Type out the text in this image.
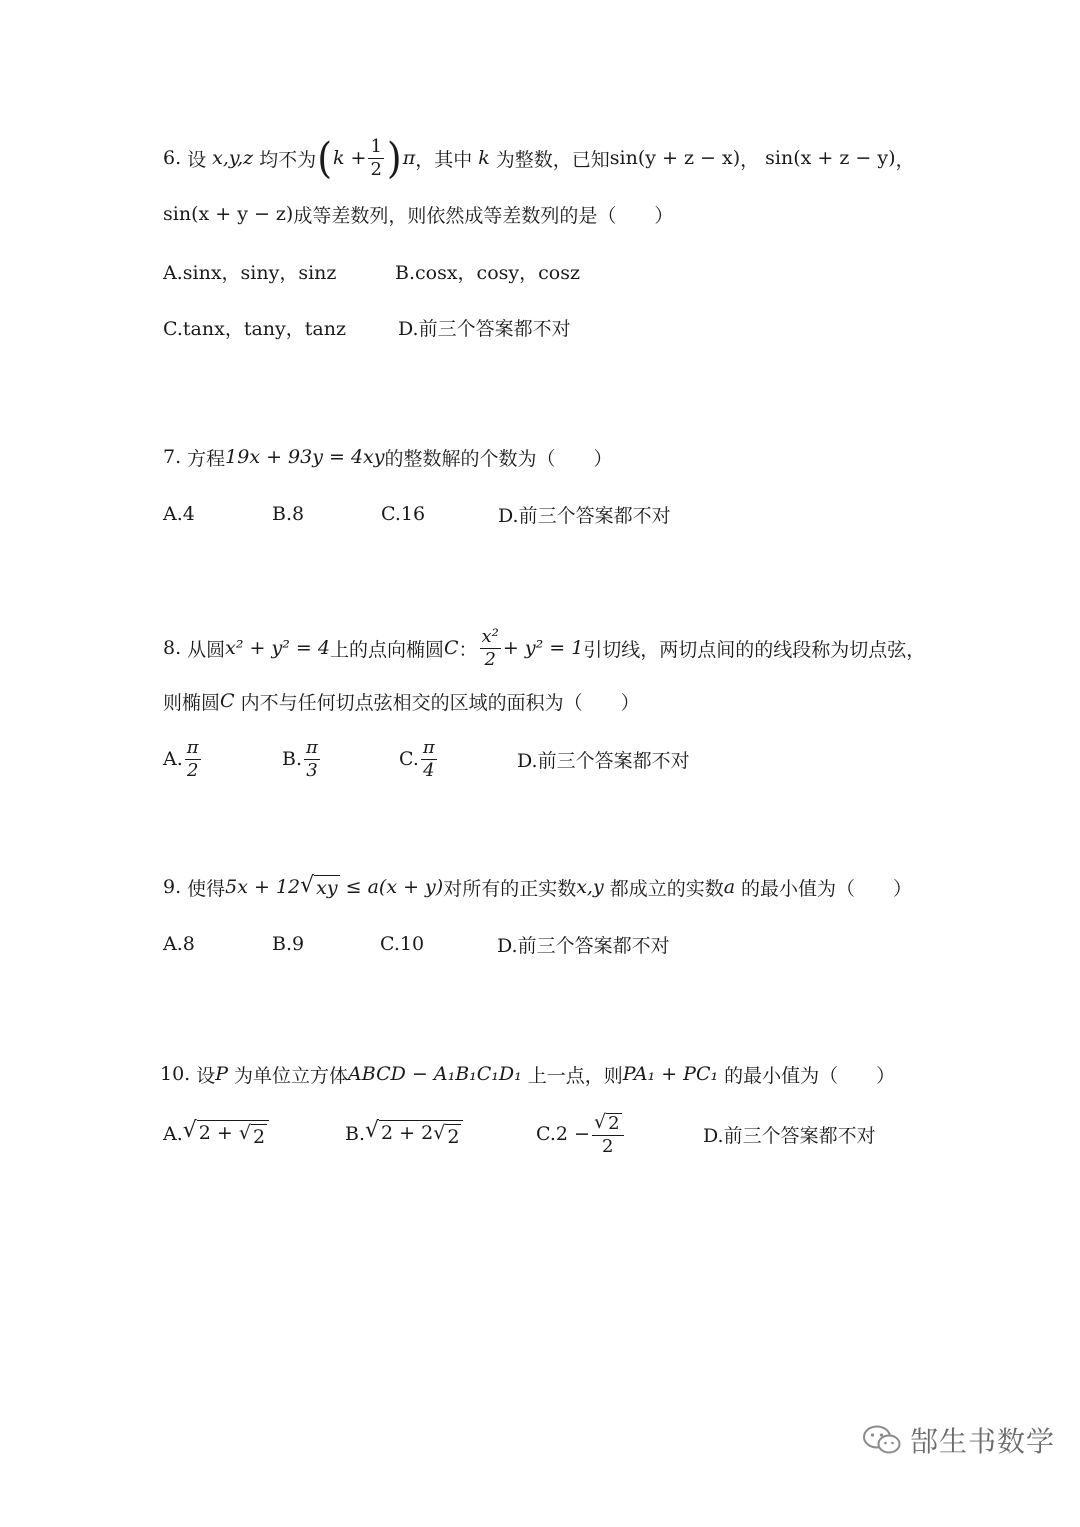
6. 设 x,y,z 均不为 ( $k + \frac{1}{2}$ ) π ，其中 k 为整数，已知 sin(y + z − x) ， sin(x + z − y) ，
sin(x + y − z) 成等差数列，则依然成等差数列的是（　　）
A.sinx，siny，sinz	B.cosx，cosy，cosz
C.tanx，tany，tanz	D.前三个答案都不对
7. 方程 19x + 93y = 4xy 的整数解的个数为（　　）
A.4	B.8	C.16	D.前三个答案都不对
8. 从圆 x² + y² = 4 上的点向椭圆 C ： $\frac{\text{x²}}{2} + y^2 = 1$ 引切线，两切点间的的线段称为切点弦，
则椭圆 C 内不与任何切点弦相交的区域的面积为（　　）
A. $\frac{\pi}{2}$	B. $\frac{\pi}{3}$	C. $\frac{\pi}{4}$	D.前三个答案都不对
9. 使得 5x + 12 √ xy ≤ a(x + y) 对所有的正实数 x,y 都成立的实数 a 的最小值为（　　）
A.8	B.9	C.10	D.前三个答案都不对
10. 设 P 为单位立方体 ABCD − A₁B₁C₁D₁ 上一点，则 PA₁ + PC₁ 的最小值为（　　）
A. √ 2 + √ 2	B. √ 2 + 2 √ 2	$C.2 - \frac{√ 2}{2}$	D.前三个答案都不对
郜生书数学
